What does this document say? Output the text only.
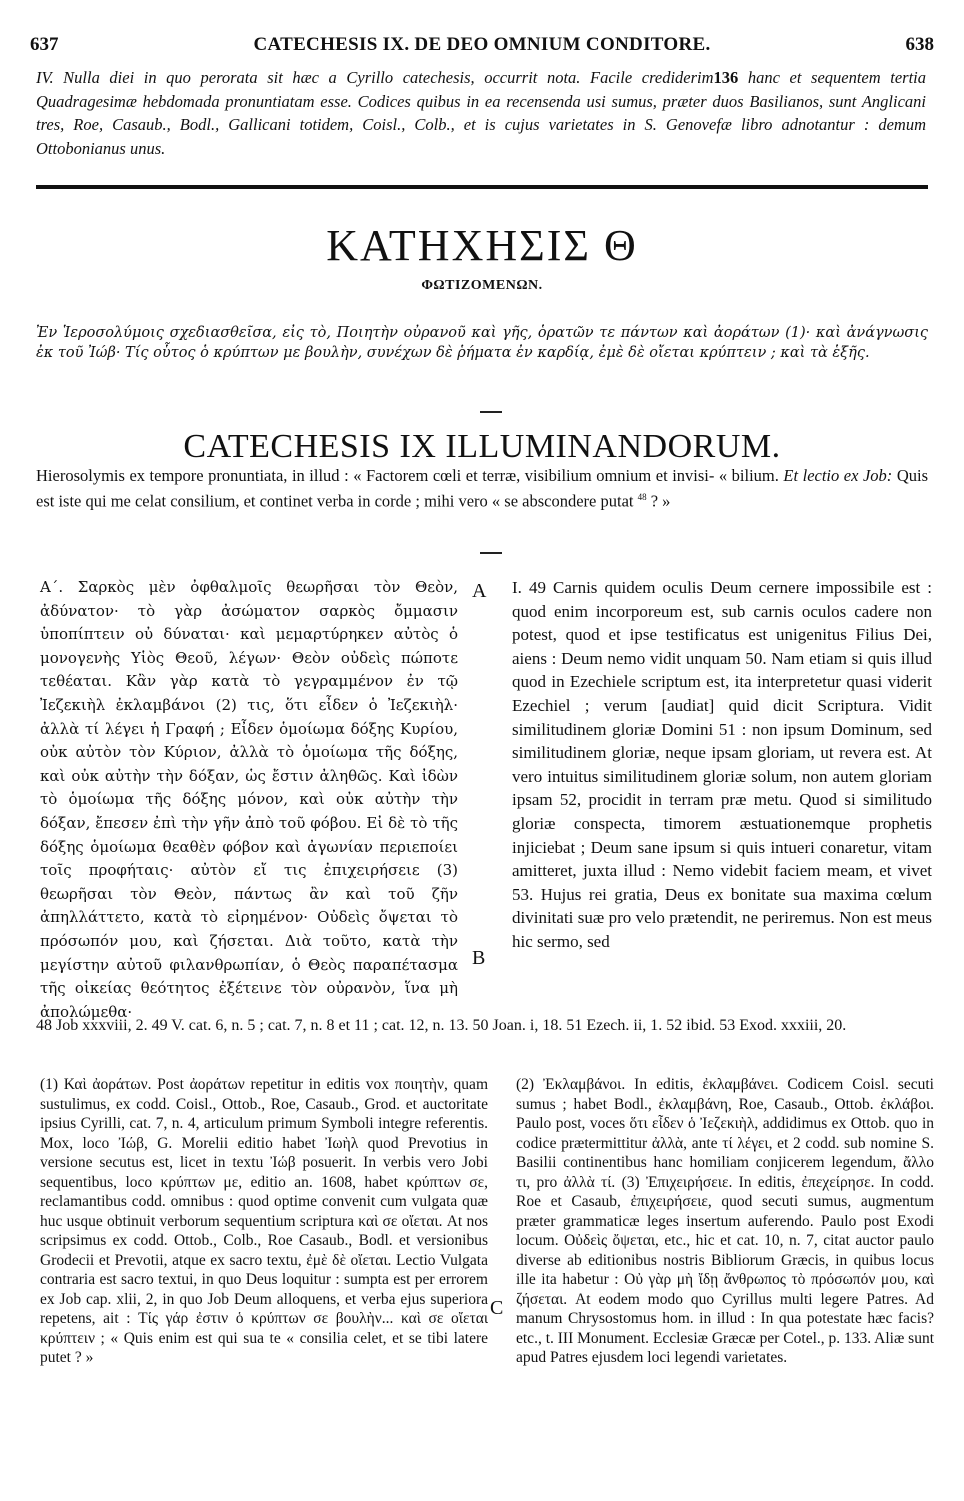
637	CATECHESIS IX. DE DEO OMNIUM CONDITORE.	638
IV. Nulla diei in quo perorata sit hæc a Cyrillo catechesis, occurrit nota. Facile crediderim136 hanc et sequentem tertia Quadragesimæ hebdomada pronuntiatam esse. Codices quibus in ea recensenda usi sumus, præter duos Basilianos, sunt Anglicani tres, Roe, Casaub., Bodl., Gallicani totidem, Coisl., Colb., et is cujus varietates in S. Genovefæ libro adnotantur : demum Ottobonianus unus.
ΚΑΤΗΧΗΣΙΣ Θ
ΦΩΤΙΖΟΜΕΝΩΝ.
Ἐν Ἱεροσολύμοις σχεδιασθεῖσα, εἰς τὸ, Ποιητὴν οὐρανοῦ καὶ γῆς, ὁρατῶν τε πάντων καὶ ἀοράτων (1)· καὶ ἀνάγνωσις ἐκ τοῦ Ἰώβ· Τίς οὗτος ὁ κρύπτων με βουλὴν, συνέχων δὲ ῥήματα ἐν καρδίᾳ, ἐμὲ δὲ οἴεται κρύπτειν ; καὶ τὰ ἑξῆς.
CATECHESIS IX ILLUMINANDORUM.
Hierosolymis ex tempore pronuntiata, in illud : « Factorem cœli et terræ, visibilium omnium et invisi- « bilium. Et lectio ex Job: Quis est iste qui me celat consilium, et continet verba in corde ; mihi vero « se abscondere putat $^{48}$ ? »
Α΄. Σαρκὸς μὲν ὀφθαλμοῖς θεωρῆσαι τὸν Θεὸν, ἀδύνατον· τὸ γὰρ ἀσώματον σαρκὸς ὄμμασιν ὑποπίπτειν οὐ δύναται· καὶ μεμαρτύρηκεν αὐτὸς ὁ μονογενὴς Υἱὸς Θεοῦ, λέγων· Θεὸν οὐδεὶς πώποτε τεθέαται. Κἂν γὰρ κατὰ τὸ γεγραμμένον ἐν τῷ Ἰεζεκιὴλ ἐκλαμβάνοι (2) τις, ὅτι εἶδεν ὁ Ἰεζεκιὴλ· ἀλλὰ τί λέγει ἡ Γραφή ; Εἶδεν ὁμοίωμα δόξης Κυρίου, οὐκ αὐτὸν τὸν Κύριον, ἀλλὰ τὸ ὁμοίωμα τῆς δόξης, καὶ οὐκ αὐτὴν τὴν δόξαν, ὡς ἔστιν ἀληθῶς. Καὶ ἰδὼν τὸ ὁμοίωμα τῆς δόξης μόνον, καὶ οὐκ αὐτὴν τὴν δόξαν, ἔπεσεν ἐπὶ τὴν γῆν ἀπὸ τοῦ φόβου. Εἰ δὲ τὸ τῆς δόξης ὁμοίωμα θεαθὲν φόβον καὶ ἀγωνίαν περιεποίει τοῖς προφήταις· αὐτὸν εἴ τις ἐπιχειρήσειε (3) θεωρῆσαι τὸν Θεὸν, πάντως ἂν καὶ τοῦ ζῆν ἀπηλλάττετο, κατὰ τὸ εἰρημένον· Οὐδεὶς ὄψεται τὸ πρόσωπόν μου, καὶ ζήσεται. Διὰ τοῦτο, κατὰ τὴν μεγίστην αὐτοῦ φιλανθρωπίαν, ὁ Θεὸς παραπέτασμα τῆς οἰκείας θεότητος ἐξέτεινε τὸν οὐρανὸν, ἵνα μὴ ἀπολώμεθα·
A
B
I. 49 Carnis quidem oculis Deum cernere impossibile est : quod enim incorporeum est, sub carnis oculos cadere non potest, quod et ipse testificatus est unigenitus Filius Dei, aiens : Deum nemo vidit unquam 50. Nam etiam si quis illud quod in Ezechiele scriptum est, ita interpretetur quasi viderit Ezechiel ; verum [audiat] quid dicit Scriptura. Vidit similitudinem gloriæ Domini 51 : non ipsum Dominum, sed similitudinem gloriæ, neque ipsam gloriam, ut revera est. At vero intuitus similitudinem gloriæ solum, non autem gloriam ipsam 52, procidit in terram præ metu. Quod si similitudo gloriæ conspecta, timorem æstuationemque prophetis injiciebat ; Deum sane ipsum si quis intueri conaretur, vitam amitteret, juxta illud : Nemo videbit faciem meam, et vivet 53. Hujus rei gratia, Deus ex bonitate sua maxima cœlum divinitati suæ pro velo prætendit, ne periremus. Non est meus hic sermo, sed
48 Job xxxviii, 2. 49 V. cat. 6, n. 5 ; cat. 7, n. 8 et 11 ; cat. 12, n. 13. 50 Joan. i, 18. 51 Ezech. ii, 1. 52 ibid. 53 Exod. xxxiii, 20.
(1) Καὶ ἀοράτων. Post ἀοράτων repetitur in editis vox ποιητὴν, quam sustulimus, ex codd. Coisl., Ottob., Roe, Casaub., Grod. et auctoritate ipsius Cyrilli, cat. 7, n. 4, articulum primum Symboli integre referentis. Mox, loco Ἰώβ, G. Morelii editio habet Ἰωὴλ quod Prevotius in versione secutus est, licet in textu Ἰώβ posuerit. In verbis vero Jobi sequentibus, loco κρύπτων με, editio an. 1608, habet κρύπτων σε, reclamantibus codd. omnibus : quod optime convenit cum vulgata quæ huc usque obtinuit verborum sequentium scriptura καὶ σε οἴεται. At nos scripsimus ex codd. Ottob., Colb., Roe Casaub., Bodl. et versionibus Grodecii et Prevotii, atque ex sacro textu, ἐμὲ δὲ οἴεται. Lectio Vulgata contraria est sacro textui, in quo Deus loquitur : sumpta est per errorem ex Job cap. xlii, 2, in quo Job Deum alloquens, et verba ejus superiora repetens, ait : Τίς γάρ ἐστιν ὁ κρύπτων σε βουλὴν... καὶ σε οἴεται κρύπτειν ; « Quis enim est qui sua te « consilia celet, et se tibi latere putet ? »
C
(2) Ἐκλαμβάνοι. In editis, ἐκλαμβάνει. Codicem Coisl. secuti sumus ; habet Bodl., ἐκλαμβάνη, Roe, Casaub., Ottob. ἐκλάβοι. Paulo post, voces ὅτι εἶδεν ὁ Ἰεζεκιὴλ, addidimus ex Ottob. quo in codice prætermittitur ἀλλὰ, ante τί λέγει, et 2 codd. sub nomine S. Basilii continentibus hanc homiliam conjicerem legendum, ἄλλο τι, pro ἀλλὰ τί. (3) Ἐπιχειρήσειε. In editis, ἐπεχείρησε. In codd. Roe et Casaub, ἐπιχειρήσειε, quod secuti sumus, augmentum præter grammaticæ leges insertum auferendo. Paulo post Exodi locum. Οὐδεὶς ὄψεται, etc., hic et cat. 10, n. 7, citat auctor paulo diverse ab editionibus nostris Bibliorum Græcis, in quibus locus ille ita habetur : Οὐ γὰρ μὴ ἴδῃ ἄνθρωπος τὸ πρόσωπόν μου, καὶ ζήσεται. At eodem modo quo Cyrillus multi legere Patres. Ad manum Chrysostomus hom. in illud : In qua potestate hæc facis? etc., t. III Monument. Ecclesiæ Græcæ per Cotel., p. 133. Aliæ sunt apud Patres ejusdem loci legendi varietates.
